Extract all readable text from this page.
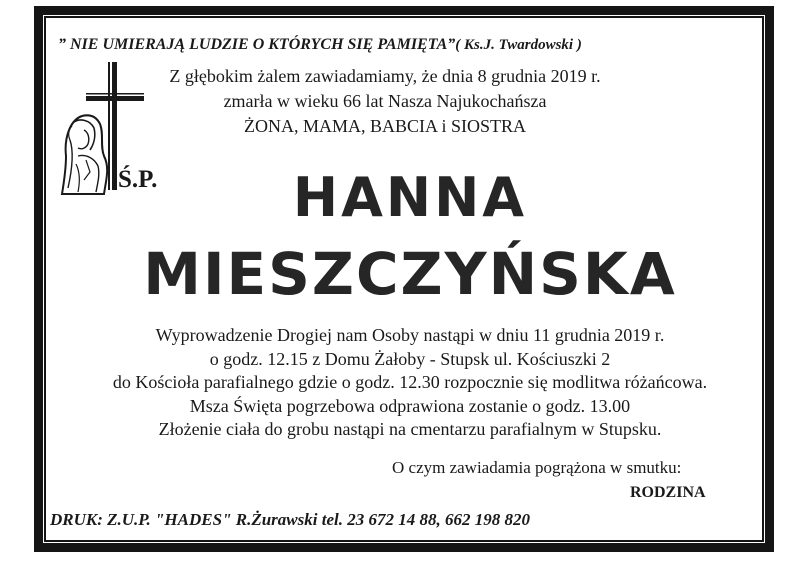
” NIE UMIERAJĄ LUDZIE O KTÓRYCH SIĘ PAMIĘTA”( Ks.J. Twardowski )
Z głębokim żalem zawiadamiamy, że dnia 8 grudnia 2019 r.
zmarła w wieku 66 lat Nasza Najukochańsza
ŻONA, MAMA, BABCIA i SIOSTRA
Ś.P.	HANNA
MIESZCZYŃSKA
Wyprowadzenie Drogiej nam Osoby nastąpi w dniu 11 grudnia 2019 r.
o godz. 12.15 z Domu Żałoby - Stupsk ul. Kościuszki 2
do Kościoła parafialnego gdzie o godz. 12.30 rozpocznie się modlitwa różańcowa.
Msza Święta pogrzebowa odprawiona zostanie o godz. 13.00
Złożenie ciała do grobu nastąpi na cmentarzu parafialnym w Stupsku.
O czym zawiadamia pogrążona w smutku:
RODZINA
DRUK: Z.U.P. "HADES" R.Żurawski tel. 23 672 14 88, 662 198 820
